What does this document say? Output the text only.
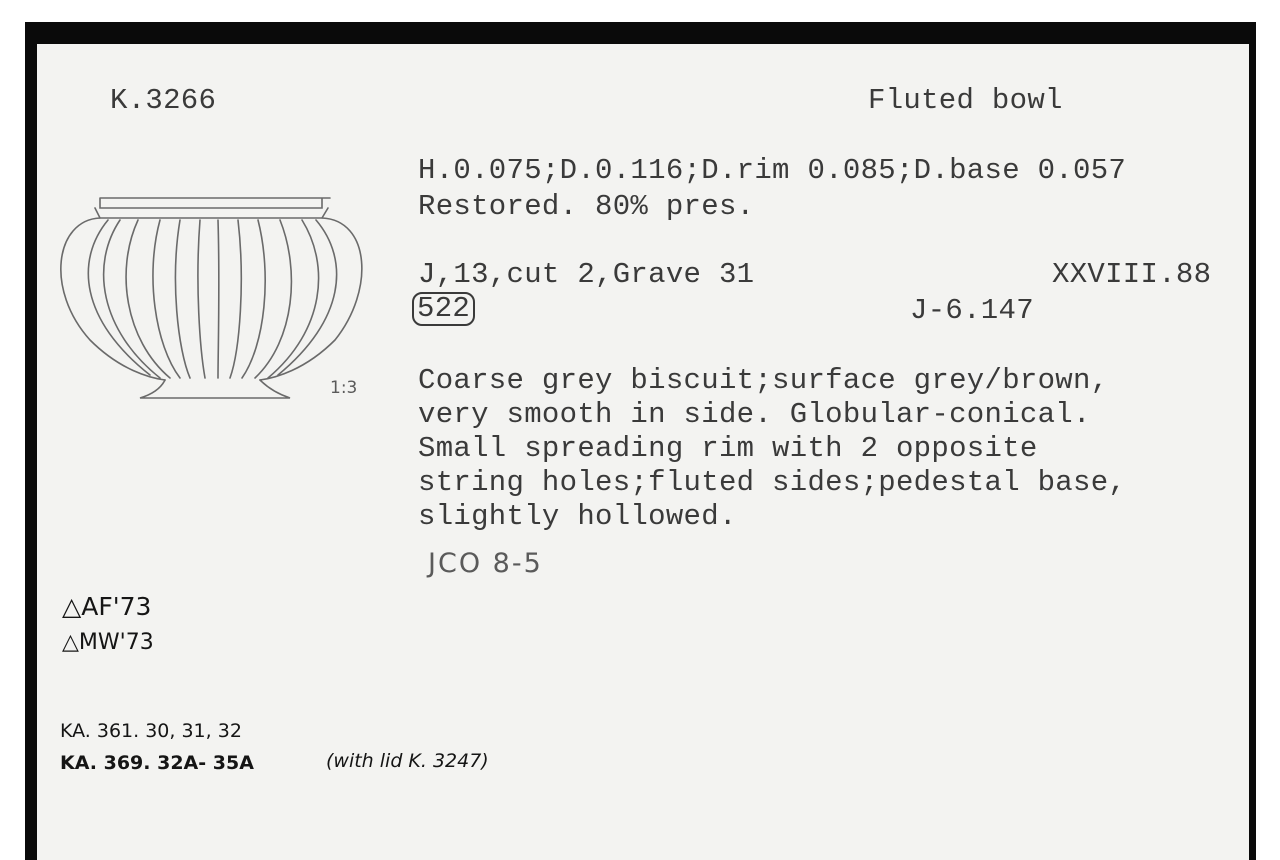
K.3266	Fluted bowl
H.0.075;D.0.116;D.rim 0.085;D.base 0.057
Restored. 80% pres.
J,13,cut 2,Grave 31	XXVIII.88
522	J-6.147
1:3 Coarse grey biscuit;surface grey/brown,
very smooth in side. Globular-conical.
Small spreading rim with 2 opposite
string holes;fluted sides;pedestal base,
slightly hollowed.
JCO 8-5
△AF'73
△MW'73
KA. 361. 30, 31, 32
KA. 369. 32A- 35A	(with lid K. 3247)
